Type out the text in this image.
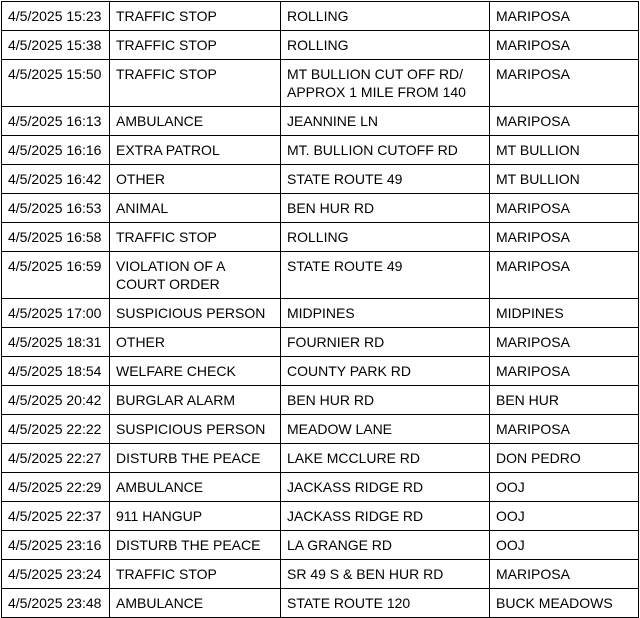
4/5/2025 15:23	TRAFFIC STOP	ROLLING	MARIPOSA
4/5/2025 15:38	TRAFFIC STOP	ROLLING	MARIPOSA
4/5/2025 15:50	TRAFFIC STOP	MT BULLION CUT OFF RD/
APPROX 1 MILE FROM 140	MARIPOSA
4/5/2025 16:13	AMBULANCE	JEANNINE LN	MARIPOSA
4/5/2025 16:16	EXTRA PATROL	MT. BULLION CUTOFF RD	MT BULLION
4/5/2025 16:42	OTHER	STATE ROUTE 49	MT BULLION
4/5/2025 16:53	ANIMAL	BEN HUR RD	MARIPOSA
4/5/2025 16:58	TRAFFIC STOP	ROLLING	MARIPOSA
4/5/2025 16:59	VIOLATION OF A
COURT ORDER	STATE ROUTE 49	MARIPOSA
4/5/2025 17:00	SUSPICIOUS PERSON	MIDPINES	MIDPINES
4/5/2025 18:31	OTHER	FOURNIER RD	MARIPOSA
4/5/2025 18:54	WELFARE CHECK	COUNTY PARK RD	MARIPOSA
4/5/2025 20:42	BURGLAR ALARM	BEN HUR RD	BEN HUR
4/5/2025 22:22	SUSPICIOUS PERSON	MEADOW LANE	MARIPOSA
4/5/2025 22:27	DISTURB THE PEACE	LAKE MCCLURE RD	DON PEDRO
4/5/2025 22:29	AMBULANCE	JACKASS RIDGE RD	OOJ
4/5/2025 22:37	911 HANGUP	JACKASS RIDGE RD	OOJ
4/5/2025 23:16	DISTURB THE PEACE	LA GRANGE RD	OOJ
4/5/2025 23:24	TRAFFIC STOP	SR 49 S & BEN HUR RD	MARIPOSA
4/5/2025 23:48	AMBULANCE	STATE ROUTE 120	BUCK MEADOWS
